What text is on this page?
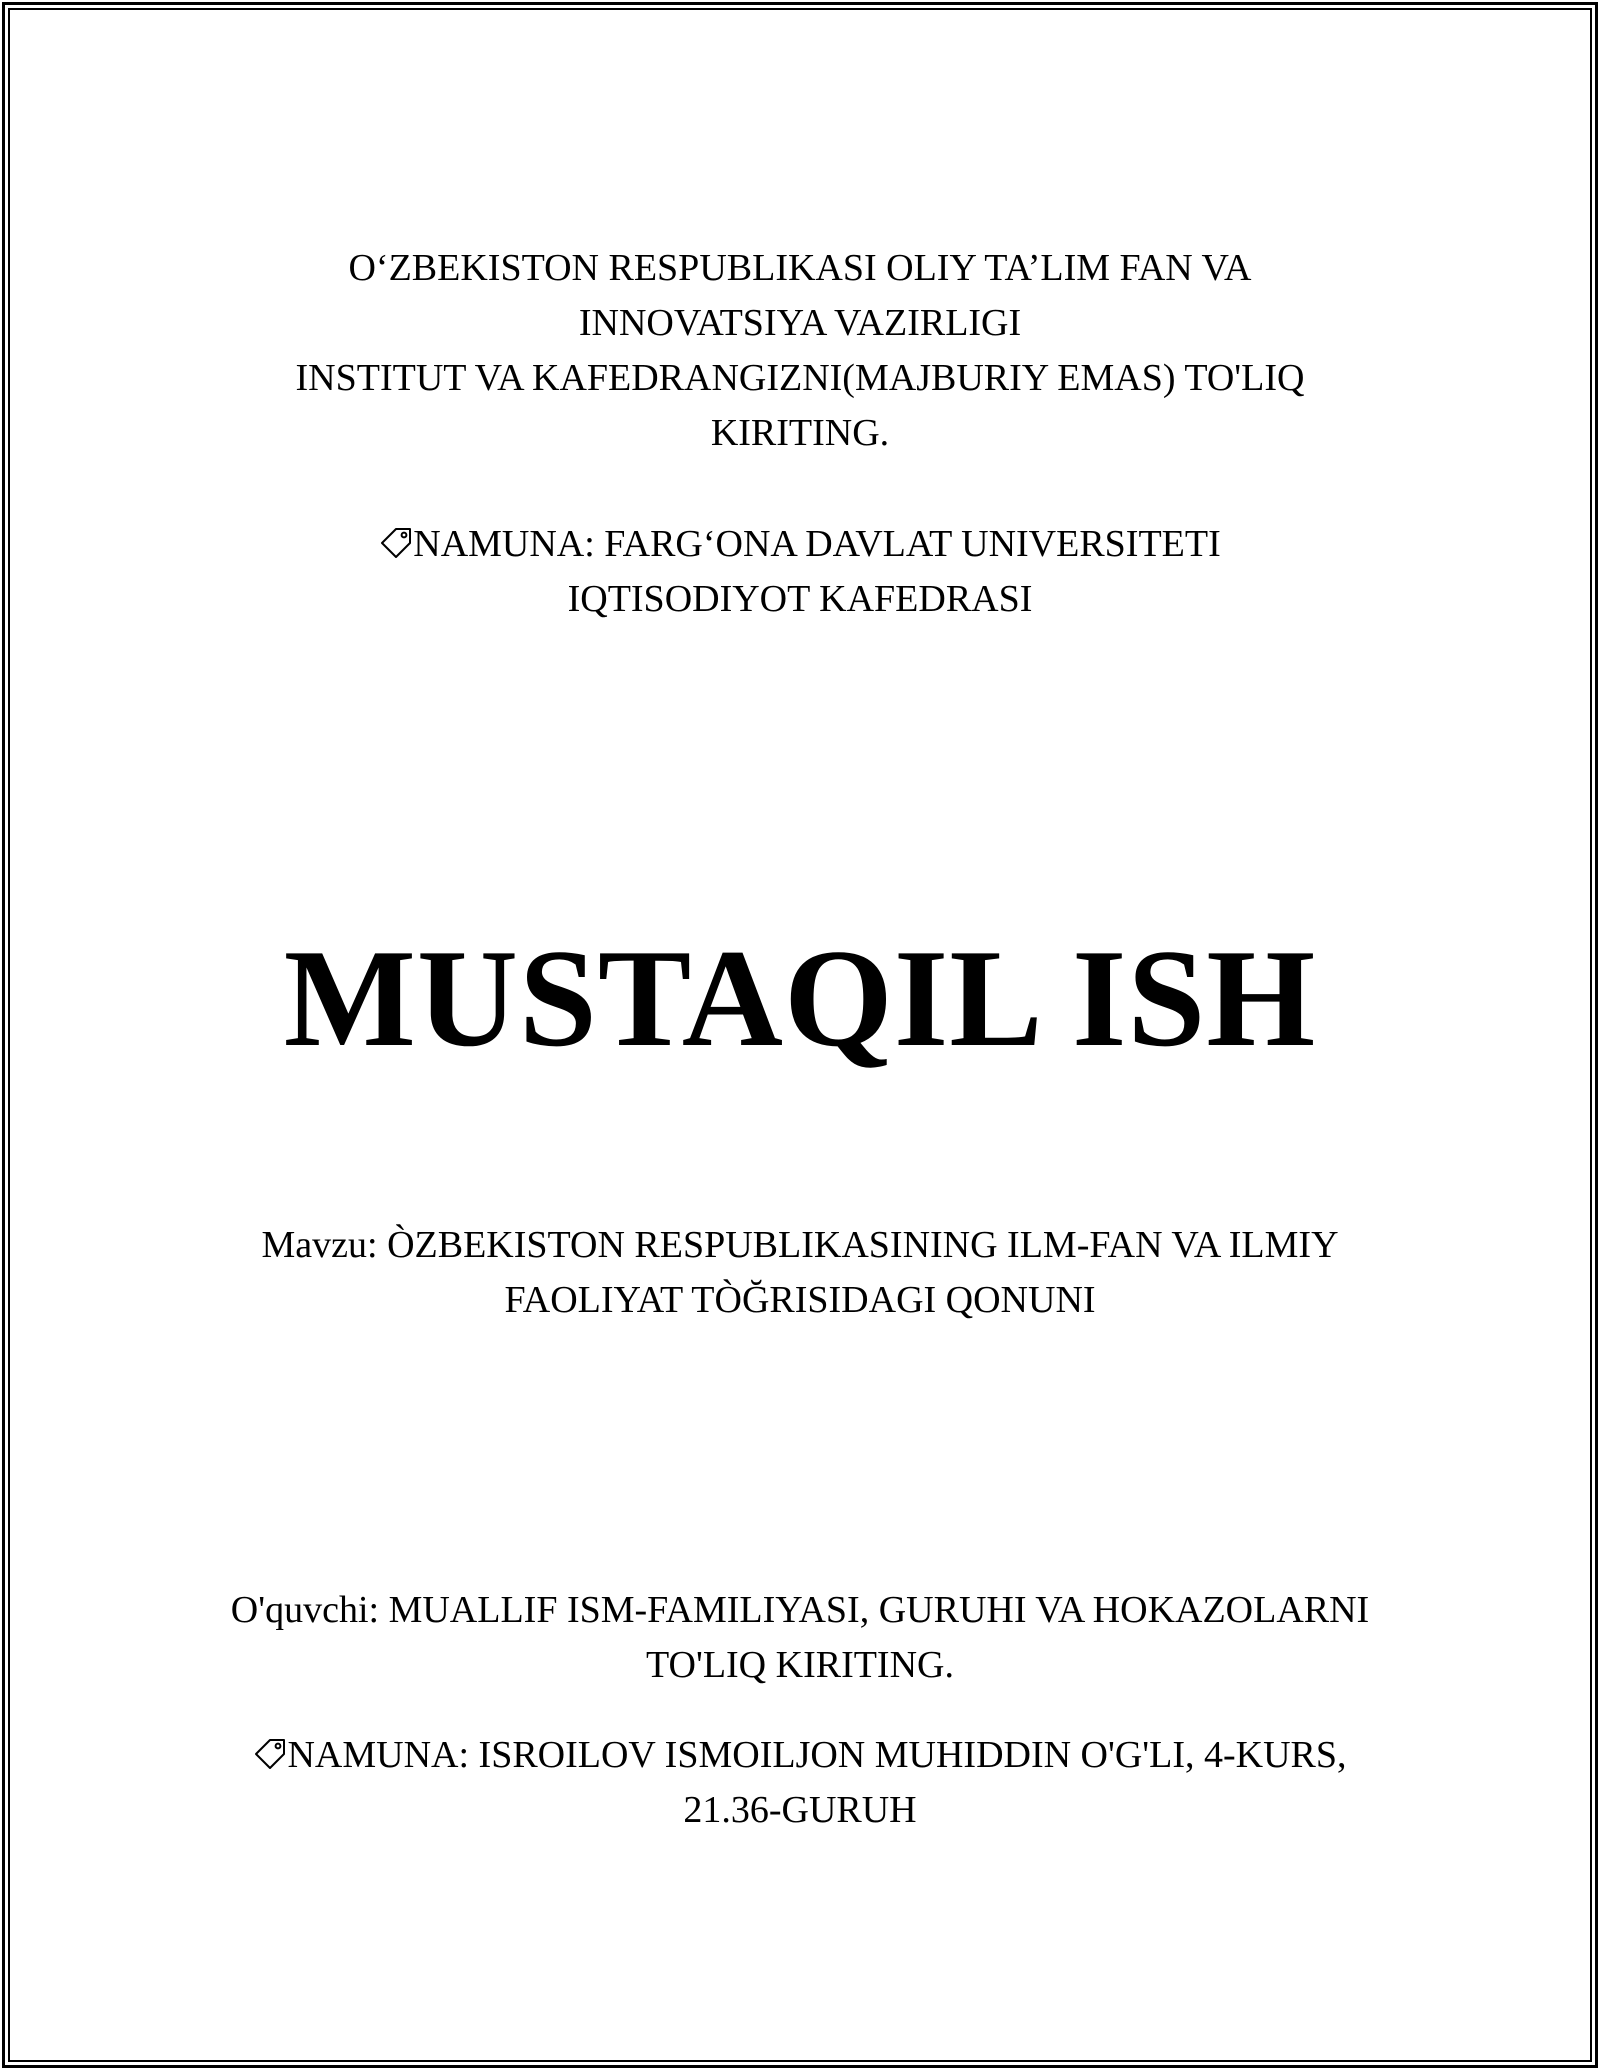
O‘ZBEKISTON RESPUBLIKASI OLIY TA’LIM FAN VA
INNOVATSIYA VAZIRLIGI
INSTITUT VA KAFEDRANGIZNI(MAJBURIY EMAS) TO'LIQ
KIRITING.
NAMUNA: FARG‘ONA DAVLAT UNIVERSITETI
IQTISODIYOT KAFEDRASI
MUSTAQIL ISH
Mavzu: ÒZBEKISTON RESPUBLIKASINING ILM-FAN VA ILMIY
FAOLIYAT TÒĞRISIDAGI QONUNI
O'quvchi: MUALLIF ISM-FAMILIYASI, GURUHI VA HOKAZOLARNI
TO'LIQ KIRITING.
NAMUNA: ISROILOV ISMOILJON MUHIDDIN O'G'LI, 4-KURS,
21.36-GURUH
